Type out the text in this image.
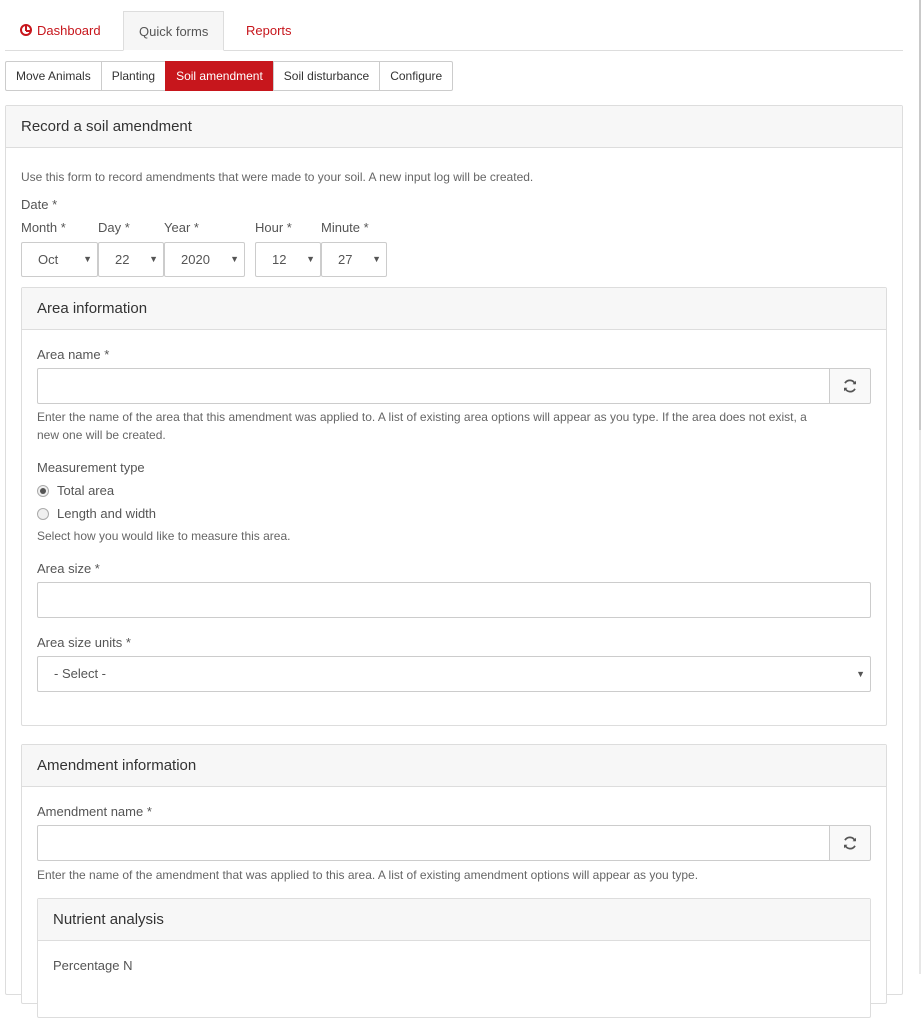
Dashboard	Quick forms	Reports
Move Animals	Planting	Soil amendment	Soil disturbance	Configure
Record a soil amendment
Use this form to record amendments that were made to your soil. A new input log will be created.
Date *
Month * Day *	Year *	Hour * Minute *
Oct	▼	22 ▼	2020 ▼	12 ▼	27 ▼
Area information
Area name *
Enter the name of the area that this amendment was applied to. A list of existing area options will appear as you type. If the area does not exist, a
new one will be created.
Measurement type
Total area
Length and width
Select how you would like to measure this area.
Area size *
Area size units *
- Select -	▼
Amendment information
Amendment name *
Enter the name of the amendment that was applied to this area. A list of existing amendment options will appear as you type.
Nutrient analysis
Percentage N
